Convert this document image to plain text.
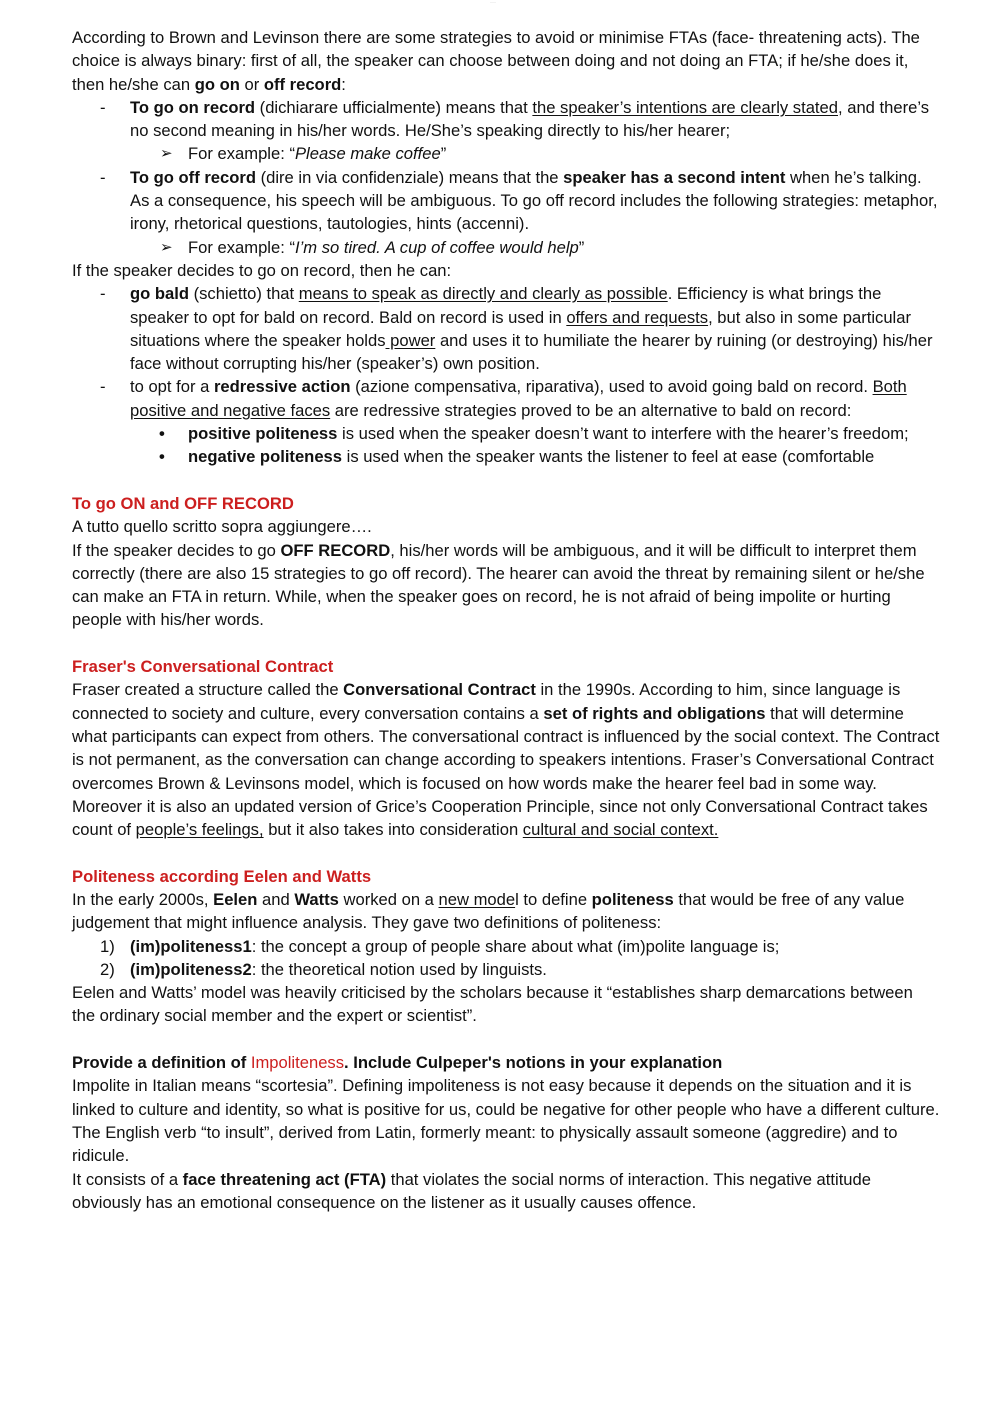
···

According to Brown and Levinson there are some strategies to avoid or minimise FTAs (face- threatening acts). The choice is always binary: first of all, the speaker can choose between doing and not doing an FTA; if he/she does it, then he/she can go on or off record:

- To go on record (dichiarare ufficialmente) means that the speaker’s intentions are clearly stated, and there’s no second meaning in his/her words. He/She’s speaking directly to his/her hearer;
➢ For example: “Please make coffee”
- To go off record (dire in via confidenziale) means that the speaker has a second intent when he’s talking. As a consequence, his speech will be ambiguous. To go off record includes the following strategies: metaphor, irony, rhetorical questions, tautologies, hints (accenni).
➢ For example: “I’m so tired. A cup of coffee would help”

If the speaker decides to go on record, then he can:

- go bald (schietto) that means to speak as directly and clearly as possible. Efficiency is what brings the speaker to opt for bald on record. Bald on record is used in offers and requests, but also in some particular situations where the speaker holds power and uses it to humiliate the hearer by ruining (or destroying) his/her face without corrupting his/her (speaker’s) own position.
- to opt for a redressive action (azione compensativa, riparativa), used to avoid going bald on record. Both positive and negative faces are redressive strategies proved to be an alternative to bald on record:
• positive politeness is used when the speaker doesn’t want to interfere with the hearer’s freedom;
• negative politeness is used when the speaker wants the listener to feel at ease (comfortable

To go ON and OFF RECORD

A tutto quello scritto sopra aggiungere….

If the speaker decides to go OFF RECORD, his/her words will be ambiguous, and it will be difficult to interpret them correctly (there are also 15 strategies to go off record). The hearer can avoid the threat by remaining silent or he/she can make an FTA in return. While, when the speaker goes on record, he is not afraid of being impolite or hurting people with his/her words.

Fraser's Conversational Contract

Fraser created a structure called the Conversational Contract in the 1990s. According to him, since language is connected to society and culture, every conversation contains a set of rights and obligations that will determine what participants can expect from others. The conversational contract is influenced by the social context. The Contract is not permanent, as the conversation can change according to speakers intentions. Fraser’s Conversational Contract overcomes Brown & Levinsons model, which is focused on how words make the hearer feel bad in some way.

Moreover it is also an updated version of Grice’s Cooperation Principle, since not only Conversational Contract takes count of people’s feelings, but it also takes into consideration cultural and social context.

Politeness according Eelen and Watts

In the early 2000s, Eelen and Watts worked on a new model to define politeness that would be free of any value judgement that might influence analysis. They gave two definitions of politeness:

1) (im)politeness1: the concept a group of people share about what (im)polite language is;
2) (im)politeness2: the theoretical notion used by linguists.

Eelen and Watts’ model was heavily criticised by the scholars because it “establishes sharp demarcations between the ordinary social member and the expert or scientist”.

Provide a definition of Impoliteness. Include Culpeper's notions in your explanation

Impolite in Italian means “scortesia”. Defining impoliteness is not easy because it depends on the situation and it is linked to culture and identity, so what is positive for us, could be negative for other people who have a different culture. The English verb “to insult”, derived from Latin, formerly meant: to physically assault someone (aggredire) and to ridicule.

It consists of a face threatening act (FTA) that violates the social norms of interaction. This negative attitude obviously has an emotional consequence on the listener as it usually causes offence.
